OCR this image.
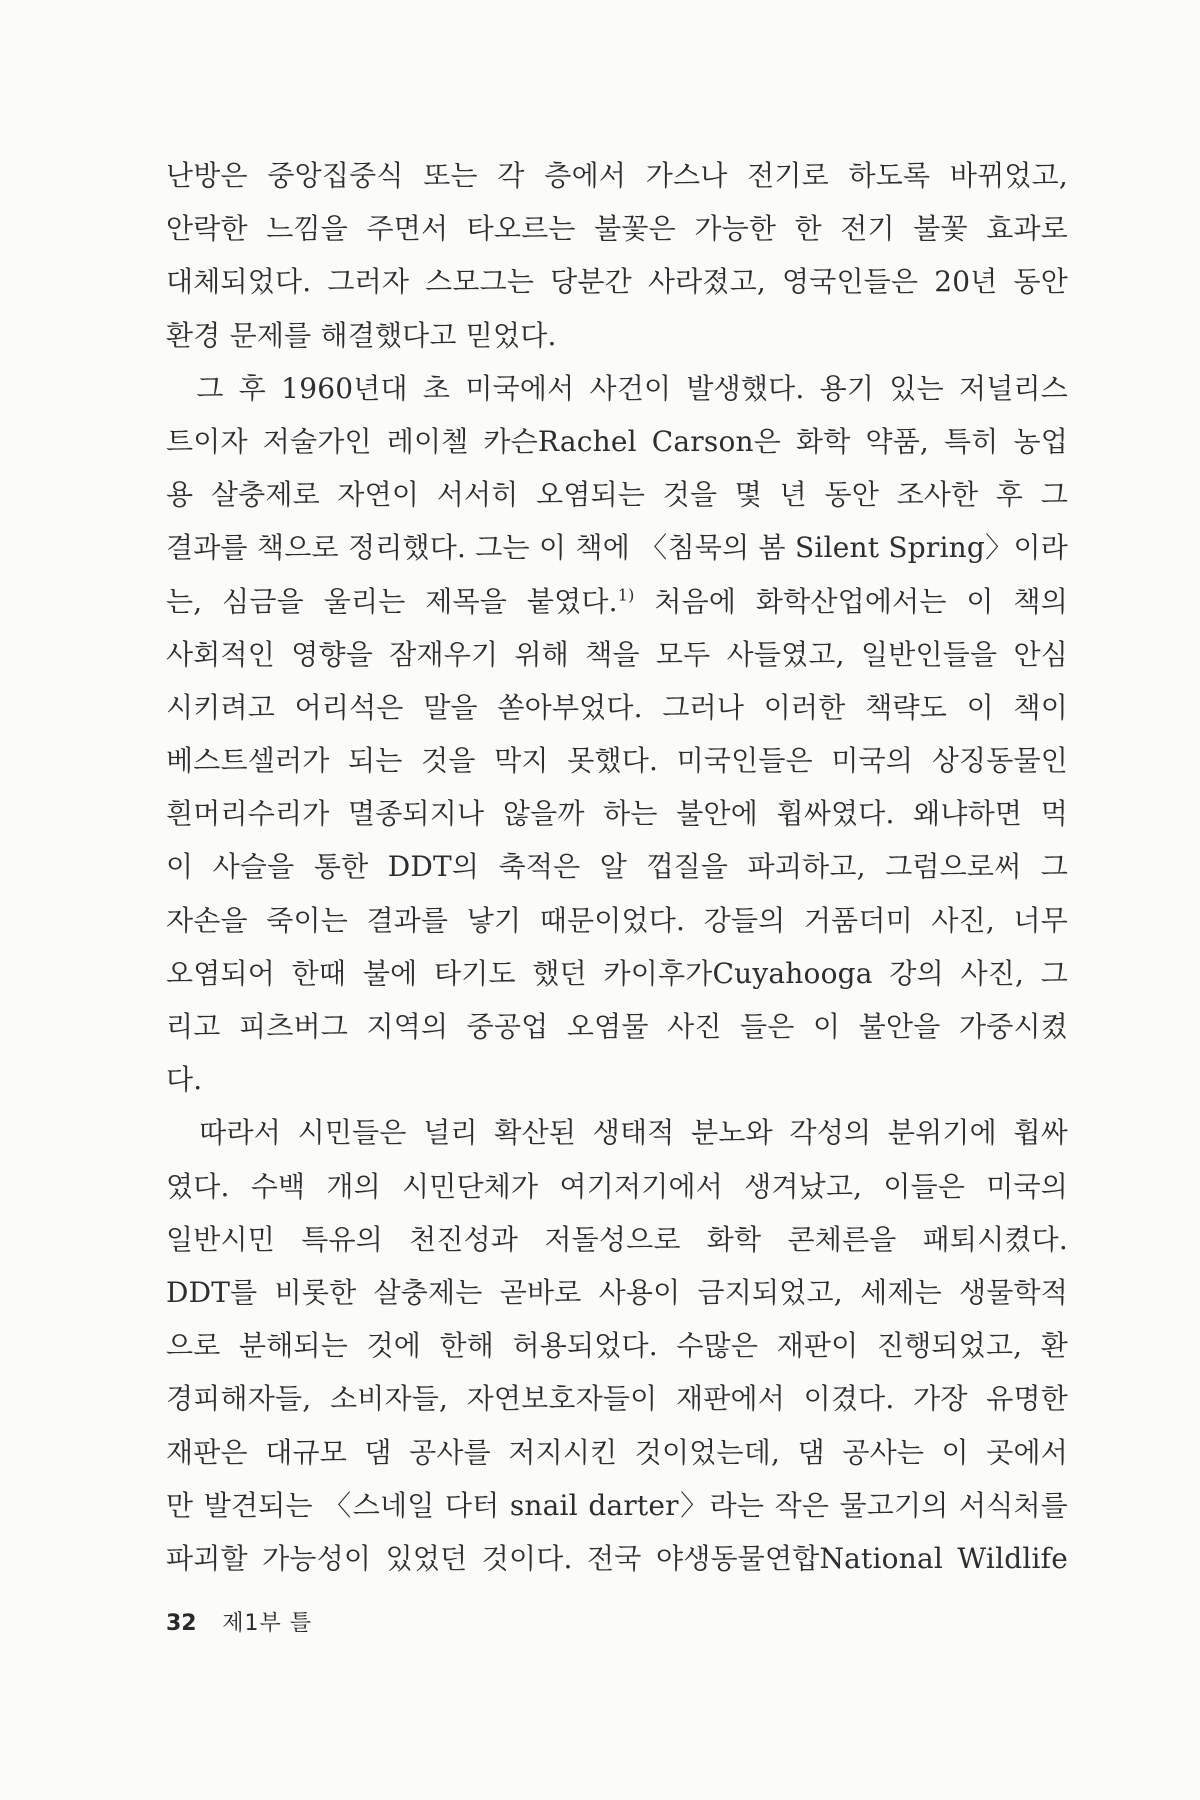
난방은 중앙집중식 또는 각 층에서 가스나 전기로 하도록 바뀌었고,
안락한 느낌을 주면서 타오르는 불꽃은 가능한 한 전기 불꽃 효과로
대체되었다. 그러자 스모그는 당분간 사라졌고, 영국인들은 20년 동안
환경 문제를 해결했다고 믿었다.
그 후 1960년대 초 미국에서 사건이 발생했다. 용기 있는 저널리스
트이자 저술가인 레이첼 카슨Rachel Carson은 화학 약품, 특히 농업
용 살충제로 자연이 서서히 오염되는 것을 몇 년 동안 조사한 후 그
결과를 책으로 정리했다. 그는 이 책에 〈침묵의 봄 Silent Spring〉이라
는, 심금을 울리는 제목을 붙였다.$^{1)}$ 처음에 화학산업에서는 이 책의
사회적인 영향을 잠재우기 위해 책을 모두 사들였고, 일반인들을 안심
시키려고 어리석은 말을 쏟아부었다. 그러나 이러한 책략도 이 책이
베스트셀러가 되는 것을 막지 못했다. 미국인들은 미국의 상징동물인
흰머리수리가 멸종되지나 않을까 하는 불안에 휩싸였다. 왜냐하면 먹
이 사슬을 통한 DDT의 축적은 알 껍질을 파괴하고, 그럼으로써 그
자손을 죽이는 결과를 낳기 때문이었다. 강들의 거품더미 사진, 너무
오염되어 한때 불에 타기도 했던 카이후가Cuyahooga 강의 사진, 그
리고 피츠버그 지역의 중공업 오염물 사진 들은 이 불안을 가중시켰
다.
따라서 시민들은 널리 확산된 생태적 분노와 각성의 분위기에 휩싸
였다. 수백 개의 시민단체가 여기저기에서 생겨났고, 이들은 미국의
일반시민 특유의 천진성과 저돌성으로 화학 콘체른을 패퇴시켰다.
DDT를 비롯한 살충제는 곧바로 사용이 금지되었고, 세제는 생물학적
으로 분해되는 것에 한해 허용되었다. 수많은 재판이 진행되었고, 환
경피해자들, 소비자들, 자연보호자들이 재판에서 이겼다. 가장 유명한
재판은 대규모 댐 공사를 저지시킨 것이었는데, 댐 공사는 이 곳에서
만 발견되는 〈스네일 다터 snail darter〉라는 작은 물고기의 서식처를
파괴할 가능성이 있었던 것이다. 전국 야생동물연합National Wildlife
32 제1부 틀
